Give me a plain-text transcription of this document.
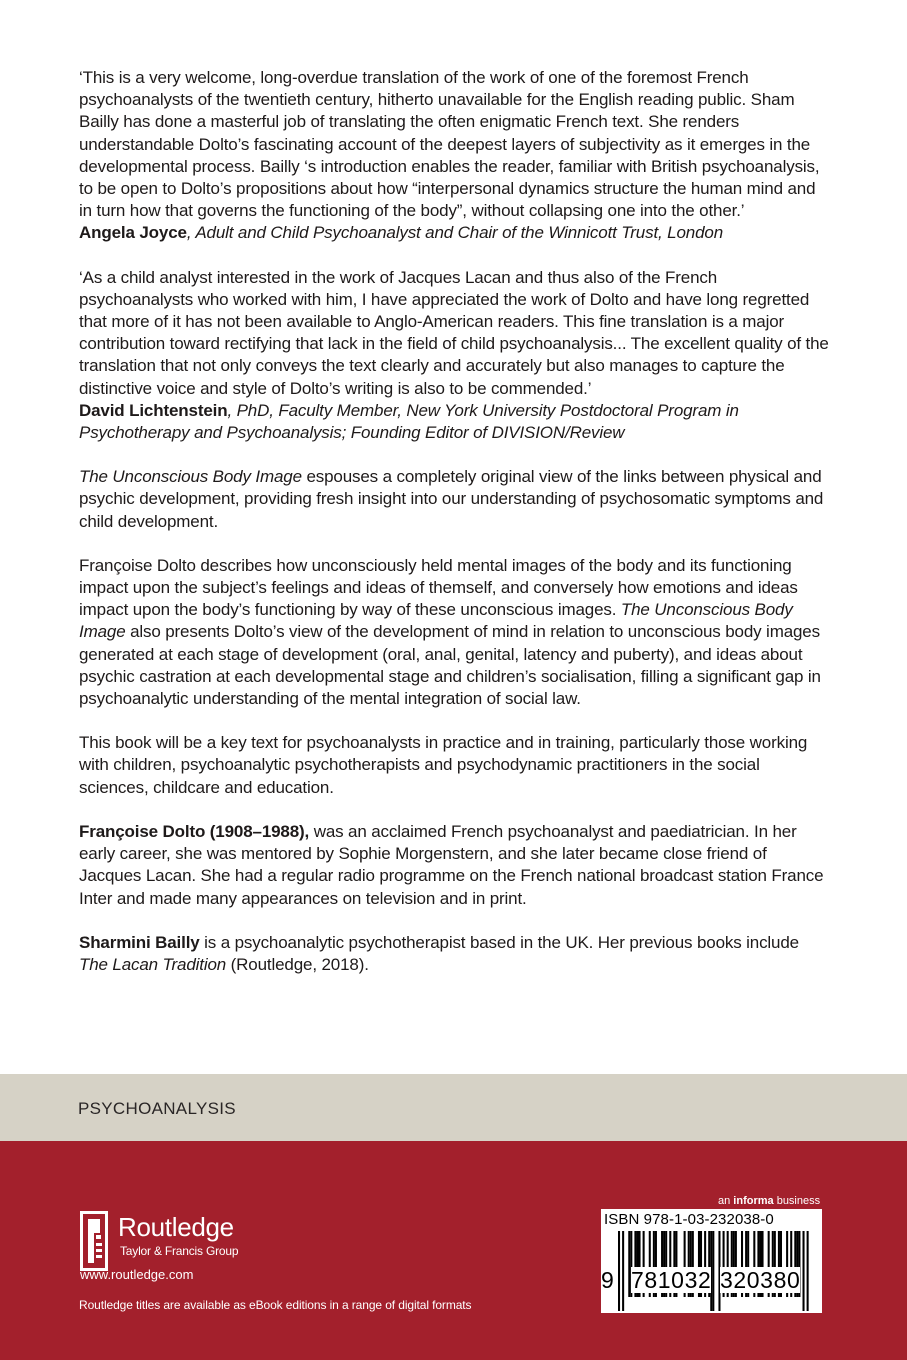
‘This is a very welcome, long-overdue translation of the work of one of the foremost French psychoanalysts of the twentieth century, hitherto unavailable for the English reading public. Sham Bailly has done a masterful job of translating the often enigmatic French text. She renders understandable Dolto’s fascinating account of the deepest layers of subjectivity as it emerges in the developmental process. Bailly ‘s introduction enables the reader, familiar with British psychoanalysis, to be open to Dolto’s propositions about how “interpersonal dynamics structure the human mind and in turn how that governs the functioning of the body”, without collapsing one into the other.’

Angela Joyce, Adult and Child Psychoanalyst and Chair of the Winnicott Trust, London

‘As a child analyst interested in the work of Jacques Lacan and thus also of the French psychoanalysts who worked with him, I have appreciated the work of Dolto and have long regretted that more of it has not been available to Anglo-American readers. This fine translation is a major contribution toward rectifying that lack in the field of child psychoanalysis... The excellent quality of the translation that not only conveys the text clearly and accurately but also manages to capture the distinctive voice and style of Dolto’s writing is also to be commended.’

David Lichtenstein, PhD, Faculty Member, New York University Postdoctoral Program in Psychotherapy and Psychoanalysis; Founding Editor of DIVISION/Review

The Unconscious Body Image espouses a completely original view of the links between physical and psychic development, providing fresh insight into our understanding of psychosomatic symptoms and child development.

Françoise Dolto describes how unconsciously held mental images of the body and its functioning impact upon the subject’s feelings and ideas of themself, and conversely how emotions and ideas impact upon the body’s functioning by way of these unconscious images. The Unconscious Body Image also presents Dolto’s view of the development of mind in relation to unconscious body images generated at each stage of development (oral, anal, genital, latency and puberty), and ideas about psychic castration at each developmental stage and children’s socialisation, filling a significant gap in psychoanalytic understanding of the mental integration of social law.

This book will be a key text for psychoanalysts in practice and in training, particularly those working with children, psychoanalytic psychotherapists and psychodynamic practitioners in the social sciences, childcare and education.

Françoise Dolto (1908–1988), was an acclaimed French psychoanalyst and paediatrician. In her early career, she was mentored by Sophie Morgenstern, and she later became close friend of Jacques Lacan. She had a regular radio programme on the French national broadcast station France Inter and made many appearances on television and in print.

Sharmini Bailly is a psychoanalytic psychotherapist based in the UK. Her previous books include The Lacan Tradition (Routledge, 2018).

PSYCHOANALYSIS
Routledge
Taylor & Francis Group
www.routledge.com
Routledge titles are available as eBook editions in a range of digital formats
an informa business
ISBN 978-1-03-232038-0
9 781032 320380
